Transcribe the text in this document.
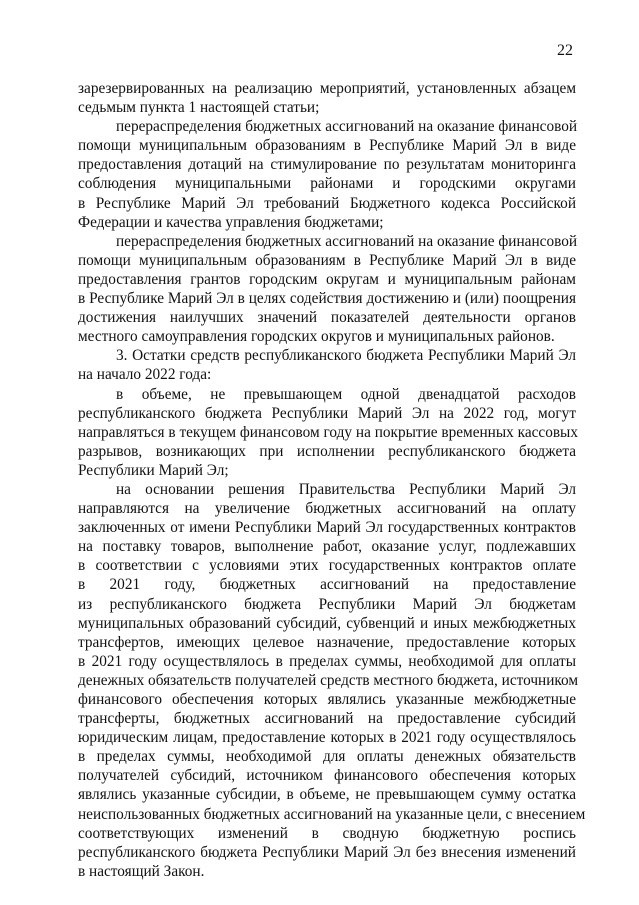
22
зарезервированных на реализацию мероприятий, установленных абзацем
седьмым пункта 1 настоящей статьи;
перераспределения бюджетных ассигнований на оказание финансовой
помощи муниципальным образованиям в Республике Марий Эл в виде
предоставления дотаций на стимулирование по результатам мониторинга
соблюдения муниципальными районами и городскими округами
в Республике Марий Эл требований Бюджетного кодекса Российской
Федерации и качества управления бюджетами;
перераспределения бюджетных ассигнований на оказание финансовой
помощи муниципальным образованиям в Республике Марий Эл в виде
предоставления грантов городским округам и муниципальным районам
в Республике Марий Эл в целях содействия достижению и (или) поощрения
достижения наилучших значений показателей деятельности органов
местного самоуправления городских округов и муниципальных районов.
3. Остатки средств республиканского бюджета Республики Марий Эл
на начало 2022 года:
в объеме, не превышающем одной двенадцатой расходов
республиканского бюджета Республики Марий Эл на 2022 год, могут
направляться в текущем финансовом году на покрытие временных кассовых
разрывов, возникающих при исполнении республиканского бюджета
Республики Марий Эл;
на основании решения Правительства Республики Марий Эл
направляются на увеличение бюджетных ассигнований на оплату
заключенных от имени Республики Марий Эл государственных контрактов
на поставку товаров, выполнение работ, оказание услуг, подлежавших
в соответствии с условиями этих государственных контрактов оплате
в 2021 году, бюджетных ассигнований на предоставление
из республиканского бюджета Республики Марий Эл бюджетам
муниципальных образований субсидий, субвенций и иных межбюджетных
трансфертов, имеющих целевое назначение, предоставление которых
в 2021 году осуществлялось в пределах суммы, необходимой для оплаты
денежных обязательств получателей средств местного бюджета, источником
финансового обеспечения которых являлись указанные межбюджетные
трансферты, бюджетных ассигнований на предоставление субсидий
юридическим лицам, предоставление которых в 2021 году осуществлялось
в пределах суммы, необходимой для оплаты денежных обязательств
получателей субсидий, источником финансового обеспечения которых
являлись указанные субсидии, в объеме, не превышающем сумму остатка
неиспользованных бюджетных ассигнований на указанные цели, с внесением
соответствующих изменений в сводную бюджетную роспись
республиканского бюджета Республики Марий Эл без внесения изменений
в настоящий Закон.
